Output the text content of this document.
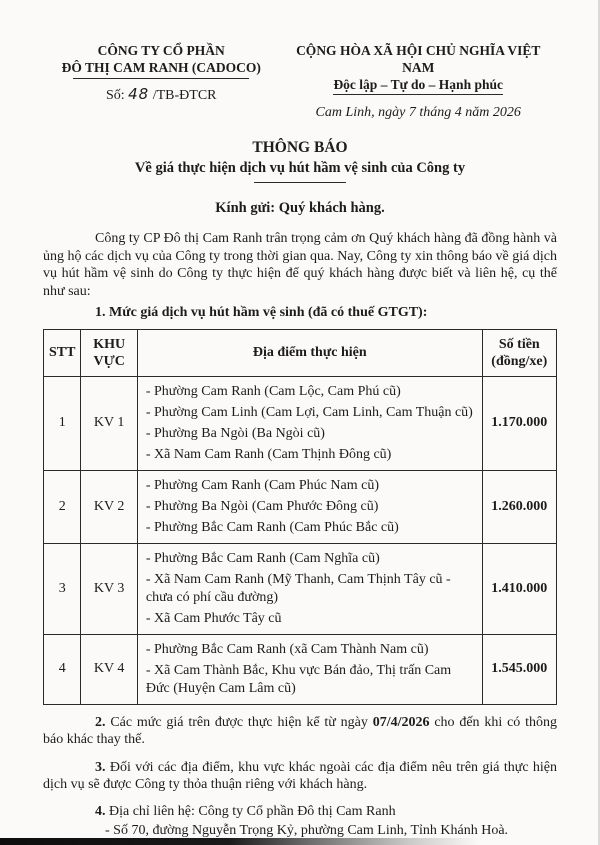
CÔNG TY CỔ PHẦN
ĐÔ THỊ CAM RANH (CADOCO)
Số: 48 /TB-ĐTCR
CỘNG HÒA XÃ HỘI CHỦ NGHĨA VIỆT NAM
Độc lập – Tự do – Hạnh phúc
Cam Linh, ngày 7 tháng 4 năm 2026
THÔNG BÁO
Về giá thực hiện dịch vụ hút hầm vệ sinh của Công ty
Kính gửi: Quý khách hàng.

Công ty CP Đô thị Cam Ranh trân trọng cảm ơn Quý khách hàng đã đồng hành và ủng hộ các dịch vụ của Công ty trong thời gian qua. Nay, Công ty xin thông báo về giá dịch vụ hút hầm vệ sinh do Công ty thực hiện để quý khách hàng được biết và liên hệ, cụ thể như sau:

1. Mức giá dịch vụ hút hầm vệ sinh (đã có thuế GTGT):
STT	KHU VỰC	Địa điểm thực hiện	Số tiền
(đồng/xe)

1	KV 1	- Phường Cam Ranh (Cam Lộc, Cam Phú cũ)
- Phường Cam Linh (Cam Lợi, Cam Linh, Cam Thuận cũ)
- Phường Ba Ngòi (Ba Ngòi cũ)
- Xã Nam Cam Ranh (Cam Thịnh Đông cũ)	1.170.000
2	KV 2	- Phường Cam Ranh (Cam Phúc Nam cũ)
- Phường Ba Ngòi (Cam Phước Đông cũ)
- Phường Bắc Cam Ranh (Cam Phúc Bắc cũ)	1.260.000
3	KV 3	- Phường Bắc Cam Ranh (Cam Nghĩa cũ)
- Xã Nam Cam Ranh (Mỹ Thanh, Cam Thịnh Tây cũ - chưa có phí cầu đường)
- Xã Cam Phước Tây cũ	1.410.000
4	KV 4	- Phường Bắc Cam Ranh (xã Cam Thành Nam cũ)
- Xã Cam Thành Bắc, Khu vực Bán đảo, Thị trấn Cam Đức (Huyện Cam Lâm cũ)	1.545.000

2. Các mức giá trên được thực hiện kể từ ngày 07/4/2026 cho đến khi có thông báo khác thay thế.

3. Đối với các địa điểm, khu vực khác ngoài các địa điểm nêu trên giá thực hiện dịch vụ sẽ được Công ty thỏa thuận riêng với khách hàng.

4. Địa chỉ liên hệ: Công ty Cổ phần Đô thị Cam Ranh

- Số 70, đường Nguyễn Trọng Kỷ, phường Cam Linh, Tỉnh Khánh Hoà.
